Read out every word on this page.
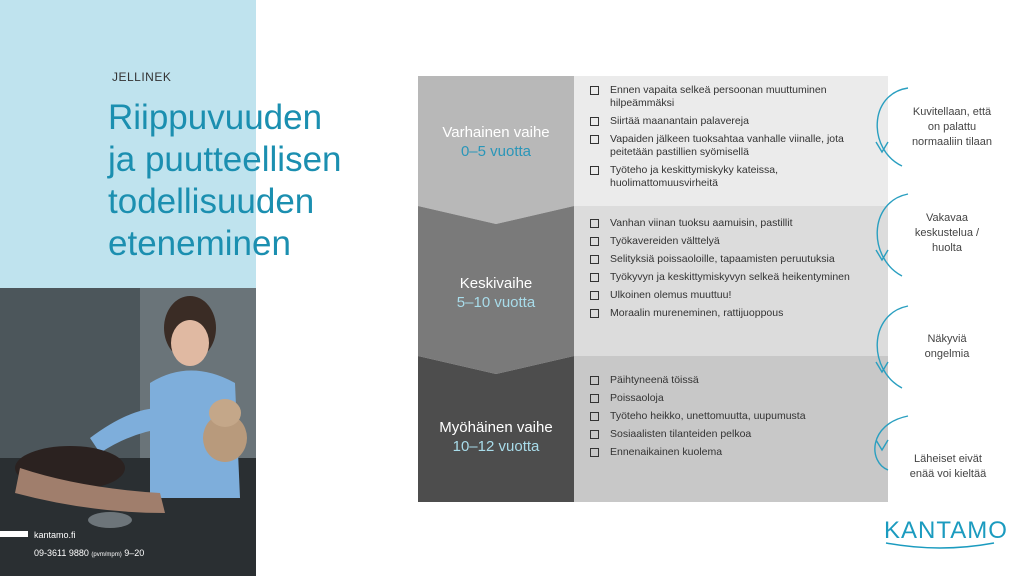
JELLINEK
Riippuvuuden
ja puutteellisen
todellisuuden
eteneminen
kantamo.fi
09-3611 9880 (pvm/mpm) 9–20
Varhainen vaihe
0–5 vuotta
Keskivaihe
5–10 vuotta
Myöhäinen vaihe
10–12 vuotta
Ennen vapaita selkeä persoonan muuttuminen hilpeämmäksi
Siirtää maanantain palavereja
Vapaiden jälkeen tuoksahtaa vanhalle viinalle, jota peitetään pastillien syömisellä
Työteho ja keskittymiskyky kateissa, huolimattomuusvirheitä
Vanhan viinan tuoksu aamuisin, pastillit
Työkavereiden välttelyä
Selityksiä poissaoloille, tapaamisten peruutuksia
Työkyvyn ja keskittymiskyvyn selkeä heikentyminen
Ulkoinen olemus muuttuu!
Moraalin mureneminen, rattijuoppous
Päihtyneenä töissä
Poissaoloja
Työteho heikko, unettomuutta, uupumusta
Sosiaalisten tilanteiden pelkoa
Ennenaikainen kuolema
Kuvitellaan, että
on palattu
normaaliin tilaan
Vakavaa
keskustelua /
huolta
Näkyviä
ongelmia
Läheiset eivät
enää voi kieltää
KANTAMO
